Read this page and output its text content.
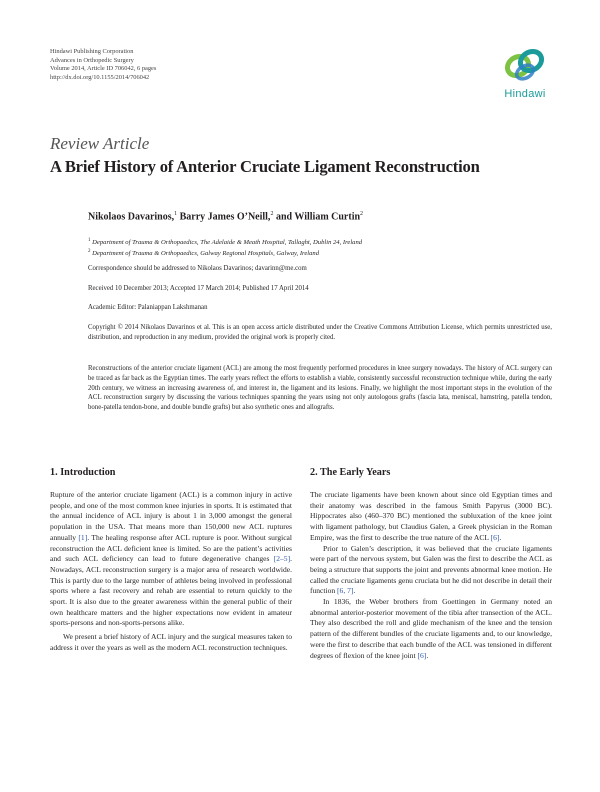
Hindawi Publishing Corporation
Advances in Orthopedic Surgery
Volume 2014, Article ID 706042, 6 pages
http://dx.doi.org/10.1155/2014/706042
Hindawi
Review Article
A Brief History of Anterior Cruciate Ligament Reconstruction
Nikolaos Davarinos,$^1$ Barry James O’Neill,$^2$ and William Curtin$^2$
$^1$ Department of Trauma & Orthopaedics, The Adelaide & Meath Hospital, Tallaght, Dublin 24, Ireland
$^2$ Department of Trauma & Orthopaedics, Galway Regional Hospitals, Galway, Ireland
Correspondence should be addressed to Nikolaos Davarinos; davarinn@me.com
Received 10 December 2013; Accepted 17 March 2014; Published 17 April 2014
Academic Editor: Palaniappan Lakshmanan
Copyright © 2014 Nikolaos Davarinos et al. This is an open access article distributed under the Creative Commons Attribution License, which permits unrestricted use, distribution, and reproduction in any medium, provided the original work is properly cited.
Reconstructions of the anterior cruciate ligament (ACL) are among the most frequently performed procedures in knee surgery nowadays. The history of ACL surgery can be traced as far back as the Egyptian times. The early years reflect the efforts to establish a viable, consistently successful reconstruction technique while, during the early 20th century, we witness an increasing awareness of, and interest in, the ligament and its lesions. Finally, we highlight the most important steps in the evolution of the ACL reconstruction surgery by discussing the various techniques spanning the years using not only autologous grafts (fascia lata, meniscal, hamstring, patella tendon, bone-patella tendon-bone, and double bundle grafts) but also synthetic ones and allografts.
1. Introduction	2. The Early Years

Rupture of the anterior cruciate ligament (ACL) is a common injury in active people, and one of the most common knee injuries in sports. It is estimated that the annual incidence of ACL injury is about 1 in 3,000 amongst the general population in the USA. That means more than 150,000 new ACL ruptures annually [1]. The healing response after ACL rupture is poor. Without surgical reconstruction the ACL deficient knee is limited. So are the patient’s activities and such ACL deficiency can lead to future degenerative changes [2–5]. Nowadays, ACL reconstruction surgery is a major area of research worldwide. This is partly due to the large number of athletes being involved in professional sports where a fast recovery and rehab are essential to return quickly to the sport. It is also due to the greater awareness within the general public of their own healthcare matters and the higher expectations now evident in amateur sports-persons and non-sports-persons alike.

We present a brief history of ACL injury and the surgical measures taken to address it over the years as well as the modern ACL reconstruction techniques.

The cruciate ligaments have been known about since old Egyptian times and their anatomy was described in the famous Smith Papyrus (3000 BC). Hippocrates also (460–370 BC) mentioned the subluxation of the knee joint with ligament pathology, but Claudius Galen, a Greek physician in the Roman Empire, was the first to describe the true nature of the ACL [6].

Prior to Galen’s description, it was believed that the cruciate ligaments were part of the nervous system, but Galen was the first to describe the ACL as being a structure that supports the joint and prevents abnormal knee motion. He called the cruciate ligaments genu cruciata but he did not describe in detail their function [6, 7].

In 1836, the Weber brothers from Goettingen in Germany noted an abnormal anterior-posterior movement of the tibia after transection of the ACL. They also described the roll and glide mechanism of the knee and the tension pattern of the different bundles of the cruciate ligaments and, to our knowledge, were the first to describe that each bundle of the ACL was tensioned in different degrees of flexion of the knee joint [6].
